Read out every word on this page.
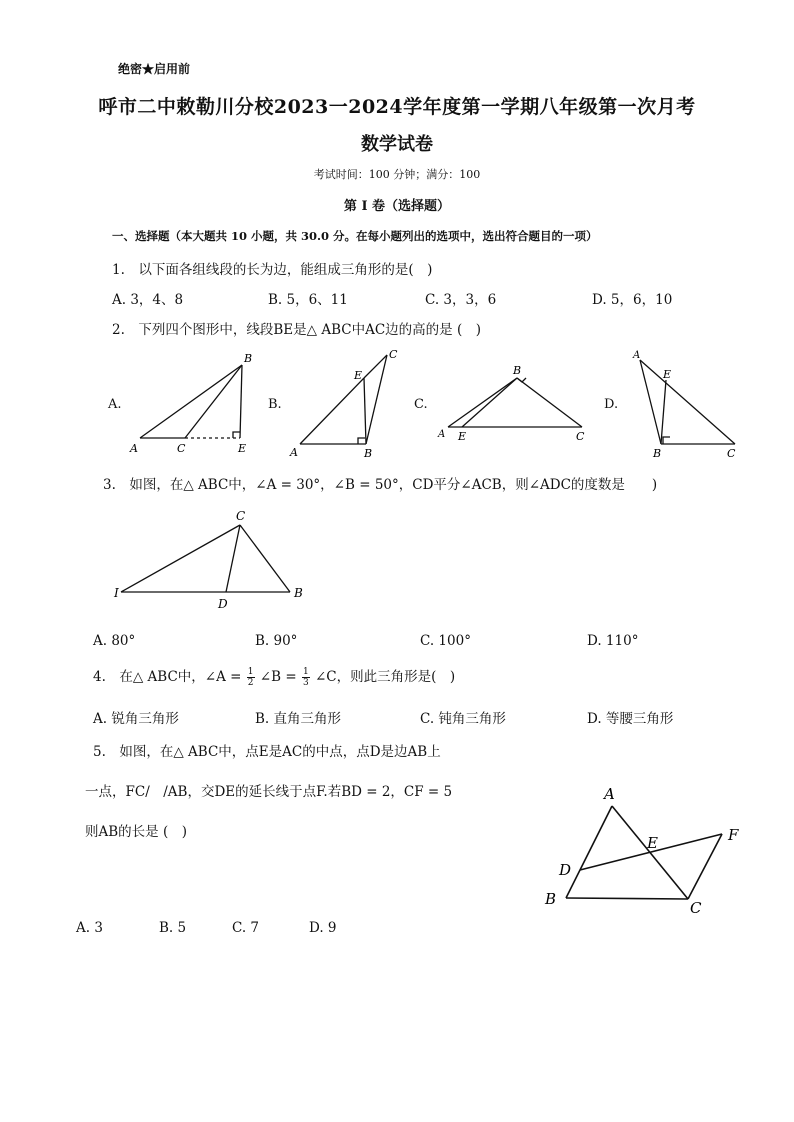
绝密★启用前
呼市二中敕勒川分校2023一2024学年度第一学期八年级第一次月考
数学试卷
考试时间：100 分钟；满分：100
第 I 卷（选择题）
一、选择题（本大题共 10 小题，共 30.0 分。在每小题列出的选项中，选出符合题目的一项）
1.　以下面各组线段的长为边，能组成三角形的是(　)
A. 3，4、8	B. 5，6、11	C. 3，3，6	D. 5，6，10
2.　下列四个图形中，线段BE是△ ABC中AC边的高的是 (　)
A.	B.	C.	D.
A	C
B
E	A	B
C
E
A E
B
C
A
E
B	C
I
C
D
B
A
E	F
D
B	C
3.　如图，在△ ABC中，∠A = 30°，∠B = 50°，CD平分∠ACB，则∠ADC的度数是　　)
A. 80°	B. 90°	C. 100°	D. 110°
4.　在△ ABC中，∠A = $\frac{1}{2}$ ∠B = $\frac{1}{3}$ ∠C，则此三角形是(　)
A. 锐角三角形	B. 直角三角形	C. 钝角三角形	D. 等腰三角形
5.　如图，在△ ABC中，点E是AC的中点，点D是边AB上
一点，FC/　/AB，交DE的延长线于点F.若BD = 2，CF = 5
则AB的长是 (　)
A. 3	B. 5	C. 7	D. 9
